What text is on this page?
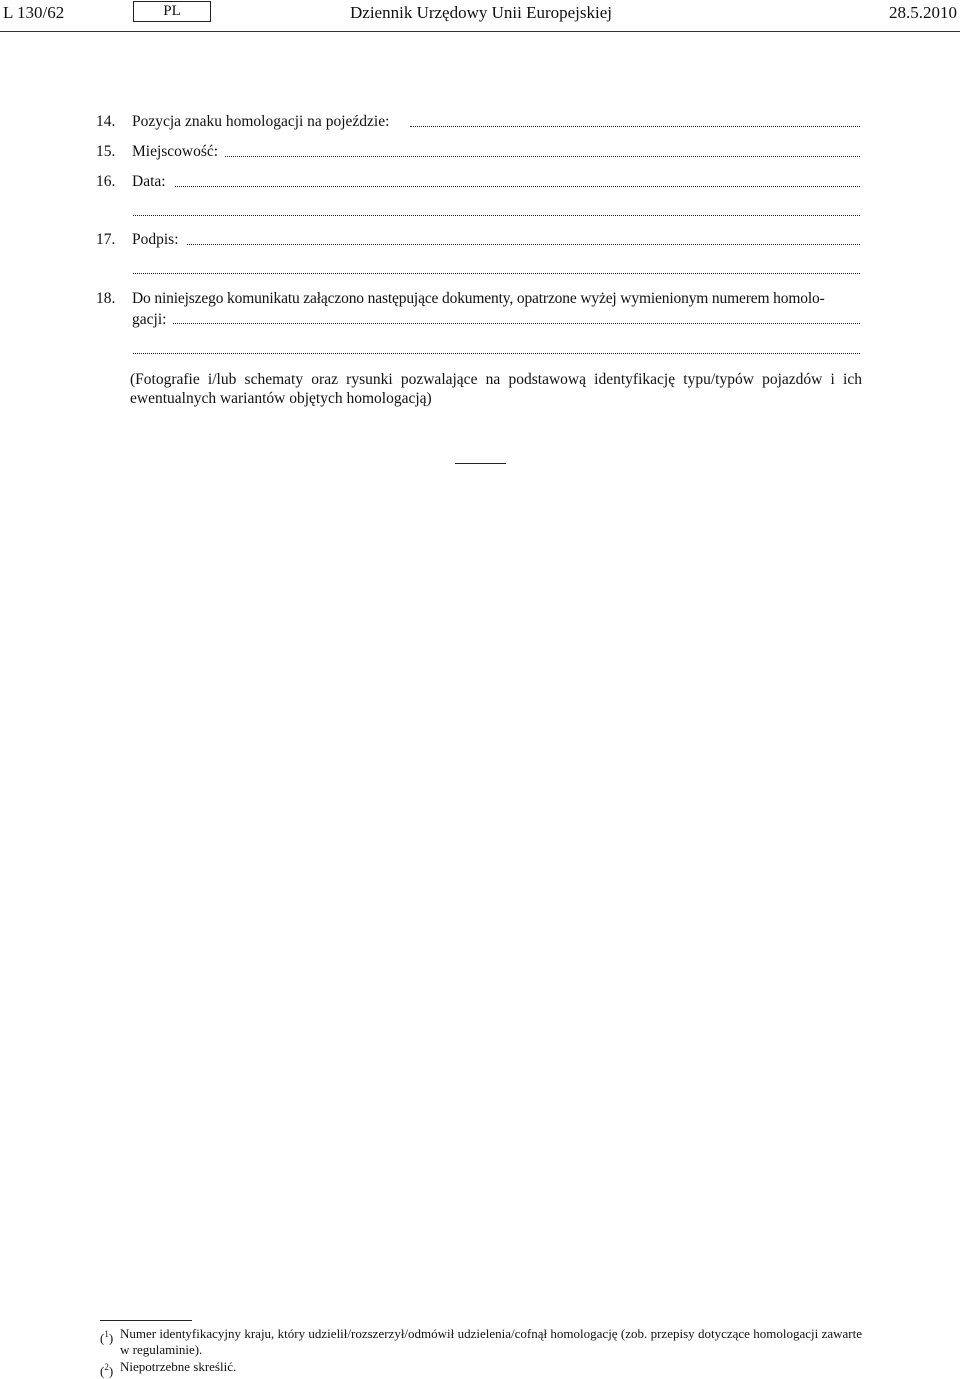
L 130/62	PL	Dziennik Urzędowy Unii Europejskiej	28.5.2010
14. Pozycja znaku homologacji na pojeździe:
15. Miejscowość:
16. Data:
17. Podpis:
18. Do niniejszego komunikatu załączono następujące dokumenty, opatrzone wyżej wymienionym numerem homolo-
gacji:
(Fotografie i/lub schematy oraz rysunki pozwalające na podstawową identyfikację typu/typów pojazdów i ich ewentualnych wariantów objętych homologacją)
($^1$) Numer identyfikacyjny kraju, który udzielił/rozszerzył/odmówił udzielenia/cofnął homologację (zob. przepisy dotyczące homologacji zawarte w regulaminie).
($^2$) Niepotrzebne skreślić.
